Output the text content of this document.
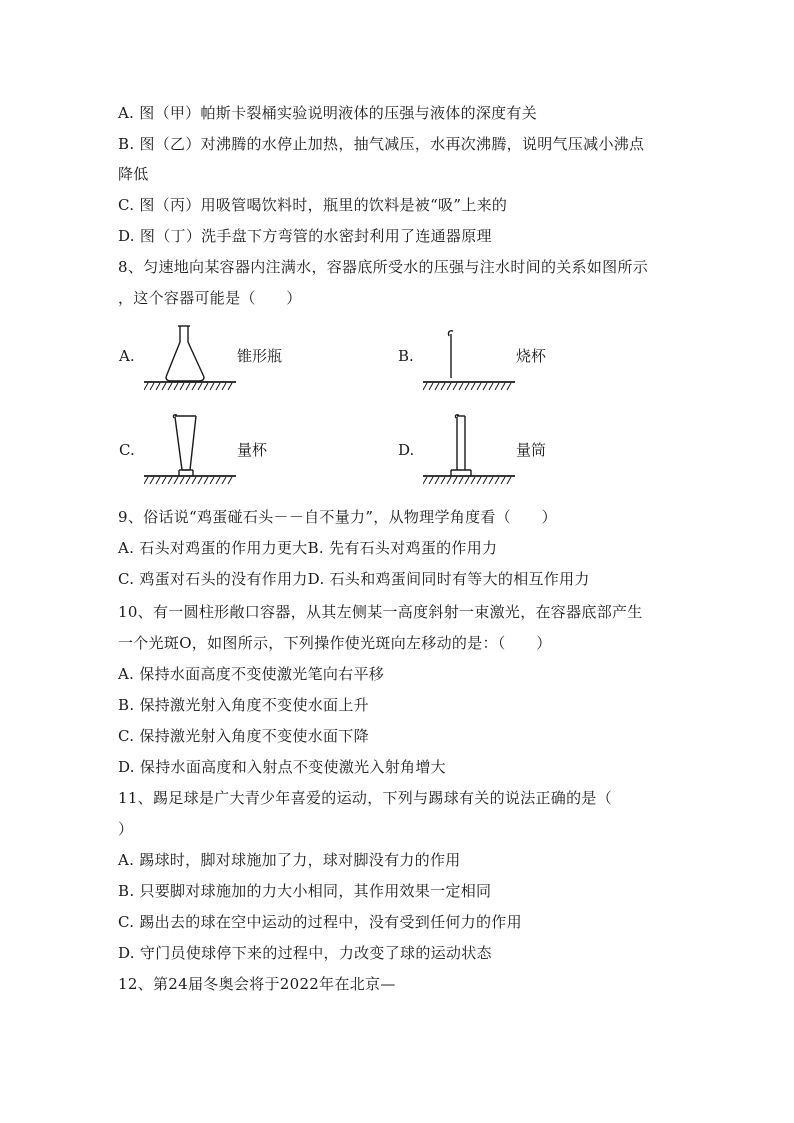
A. 图（甲）帕斯卡裂桶实验说明液体的压强与液体的深度有关
B. 图（乙）对沸腾的水停止加热，抽气减压，水再次沸腾，说明气压减小沸点
降低
C. 图（丙）用吸管喝饮料时，瓶里的饮料是被“吸”上来的
D. 图（丁）洗手盘下方弯管的水密封利用了连通器原理
8、匀速地向某容器内注满水，容器底所受水的压强与注水时间的关系如图所示
，这个容器可能是（　　）
A.	锥形瓶	B.	烧杯
C.	量杯	D.	量筒
9、俗话说“鸡蛋碰石头－－自不量力”，从物理学角度看（　　）
A. 石头对鸡蛋的作用力更大B. 先有石头对鸡蛋的作用力
C. 鸡蛋对石头的没有作用力D. 石头和鸡蛋间同时有等大的相互作用力
10、有一圆柱形敞口容器，从其左侧某一高度斜射一束激光，在容器底部产生
一个光斑O，如图所示，下列操作使光斑向左移动的是：（　　）
A. 保持水面高度不变使激光笔向右平移
B. 保持激光射入角度不变使水面上升
C. 保持激光射入角度不变使水面下降
D. 保持水面高度和入射点不变使激光入射角增大
11、踢足球是广大青少年喜爱的运动，下列与踢球有关的说法正确的是（
）
A. 踢球时，脚对球施加了力，球对脚没有力的作用
B. 只要脚对球施加的力大小相同，其作用效果一定相同
C. 踢出去的球在空中运动的过程中，没有受到任何力的作用
D. 守门员使球停下来的过程中，力改变了球的运动状态
12、第24届冬奥会将于2022年在北京—
